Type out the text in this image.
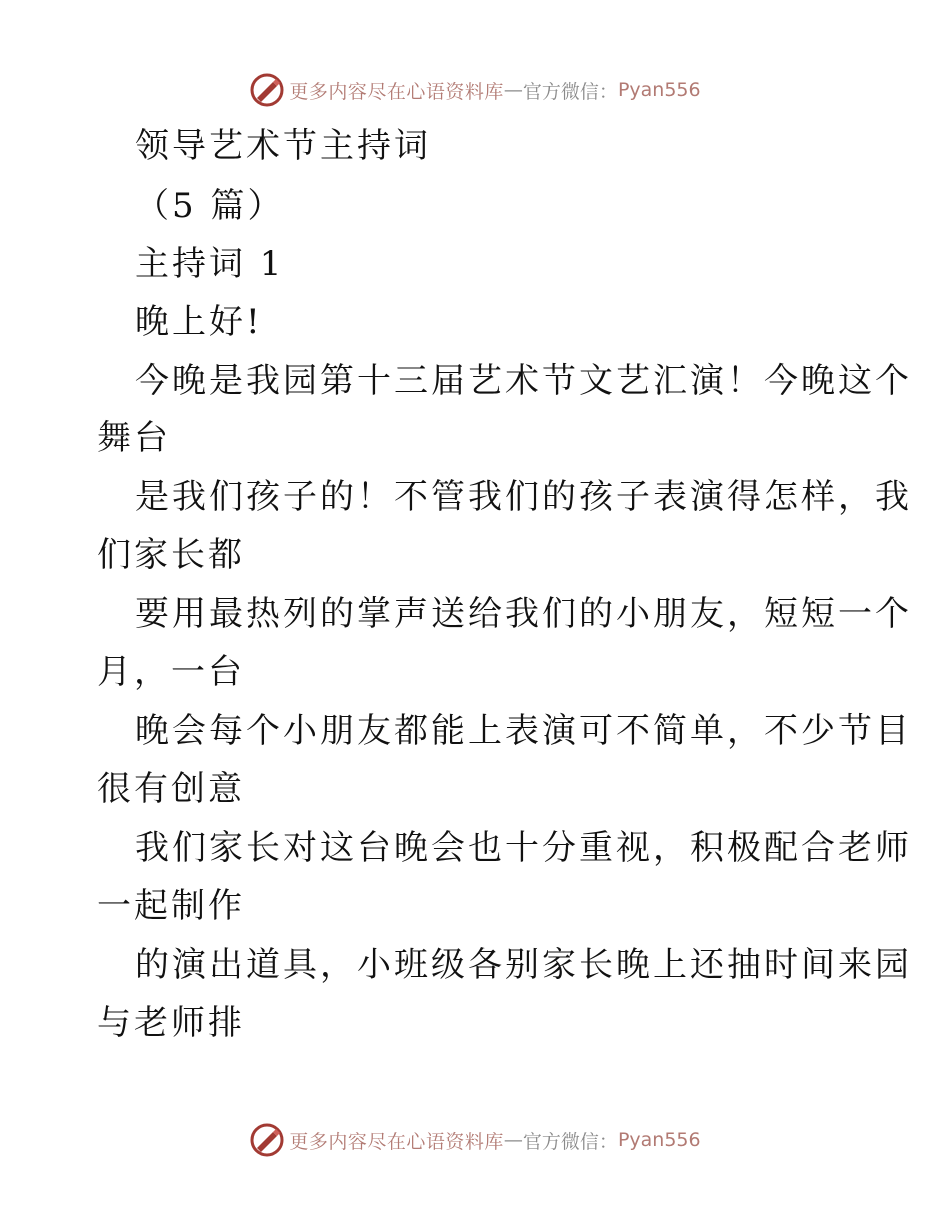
更多内容尽在心语资料库 — 官方微信： Pyan556
领导艺术节主持词
（5 篇）
主持词 1
晚上好!
今晚是我园第十三届艺术节文艺汇演！今晚这个
舞台
是我们孩子的！不管我们的孩子表演得怎样，我
们家长都
要用最热列的掌声送给我们的小朋友，短短一个
月，一台
晚会每个小朋友都能上表演可不简单，不少节目
很有创意
我们家长对这台晚会也十分重视，积极配合老师
一起制作
的演出道具，小班级各别家长晚上还抽时间来园
与老师排
更多内容尽在心语资料库 — 官方微信： Pyan556
